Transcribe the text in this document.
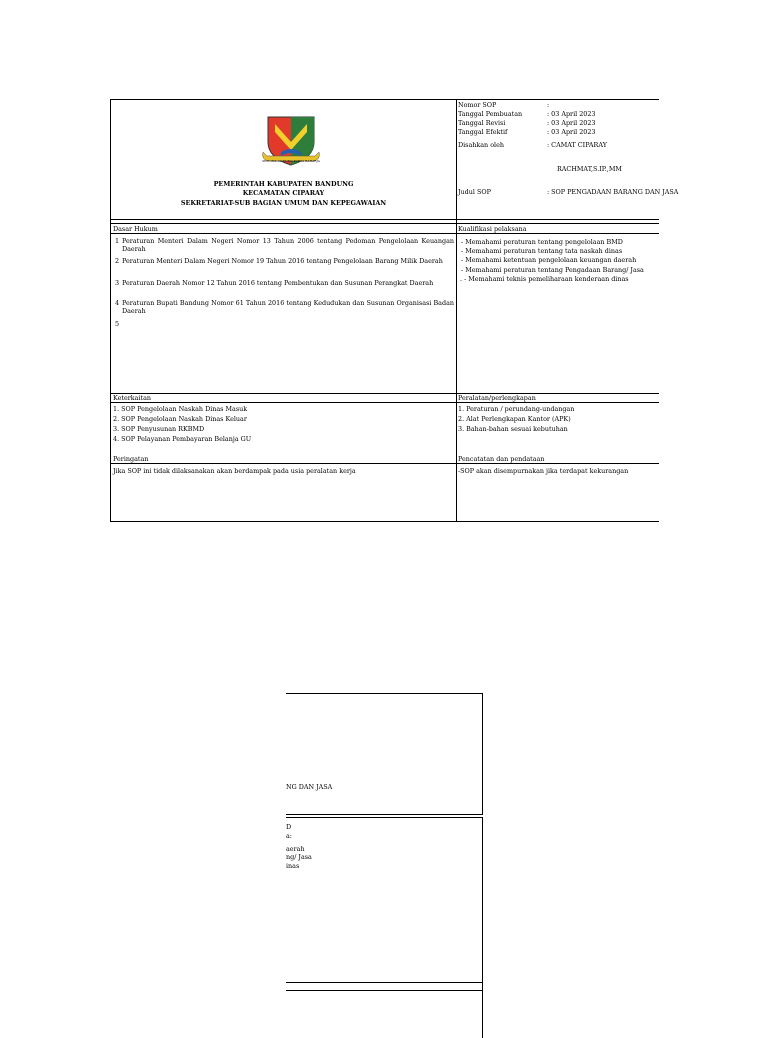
SEPI INK GUNUNG KARTA RAHARJA
PEMERINTAH KABUPATEN BANDUNG
KECAMATAN CIPARAY
SEKRETARIAT-SUB BAGIAN UMUM DAN KEPEGAWAIAN
Nomor SOP	:
Tanggal Pembuatan	: 03 April 2023
Tanggal Revisi	: 03 April 2023
Tanggal Efektif	: 03 April 2023
Disahkan oleh	: CAMAT CIPARAY
RACHMAT,S.IP.,MM
Judul SOP	: SOP PENGADAAN BARANG DAN JASA
Dasar Hukum
1 Peraturan Menteri Dalam Negeri Nomor 13 Tahun 2006 tentang Pedoman Pengelolaan Keuangan Daerah
2 Peraturan Menteri Dalam Negeri Nomor 19 Tahun 2016 tentang Pengelolaan Barang Milik Daerah
3 Peraturan Daerah Nomor 12 Tahun 2016 tentang Pembentukan dan Susunan Perangkat Daerah
4 Peraturan Bupati Bandung Nomor 61 Tahun 2016 tentang Kedudukan dan Susunan Organisasi Badan Daerah
5
Kualifikasi pelaksana
- Memahami peraturan tentang pengelolaan BMD
- Memahami peraturan tentang tata naskah dinas
- Memahami ketentuan pengelolaan keuangan daerah
- Memahami peraturan tentang Pengadaan Barang/ Jasa
. - Memahami teknis pemeliharaan kenderaan dinas
Keterkaitan
1. SOP Pengelolaan Naskah Dinas Masuk
2. SOP Pengelolaan Naskah Dinas Keluar
3. SOP Penyusunan RKBMD
4. SOP Pelayanan Pembayaran Belanja GU
Peralatan/perlengkapan
1. Peraturan / perundang-undangan
2. Alat Perlengkapan Kantor (APK)
3. Bahan-bahan sesuai kebutuhan
Peringatan
Jika SOP ini tidak dilaksanakan akan berdampak pada usia peralatan kerja
Pencatatan dan pendataan
-SOP akan disempurnakan jika terdapat kekurangan
NG DAN JASA
D
a:
aerah
ng/ Jasa
inas
